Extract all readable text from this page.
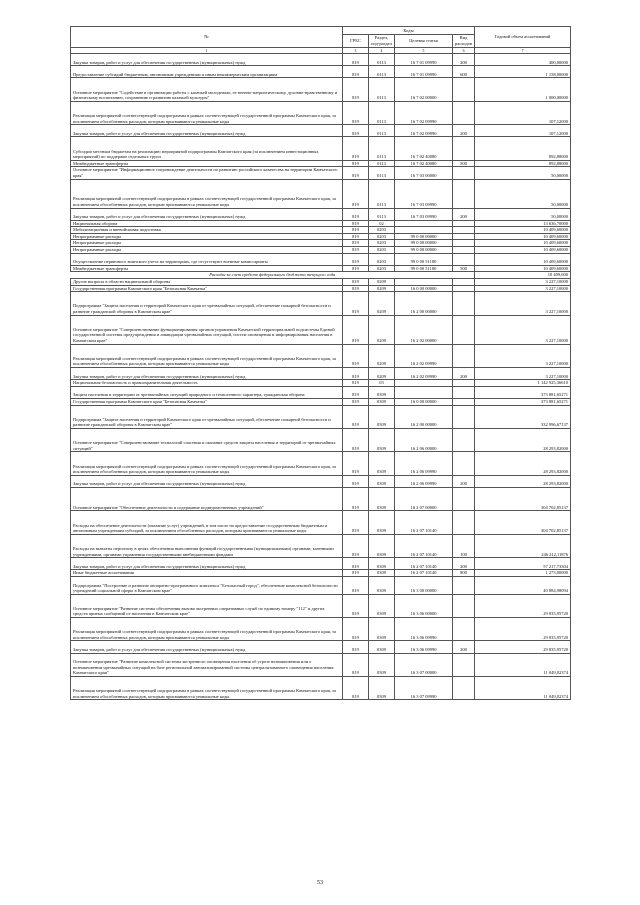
№	Коды				Годовой объем ассигнований
	ГРБС	Раздел, под-раздел	Целевая статья	Вид расходов	
1	3	4	5	6	7
Закупка товаров, работ и услуг для обеспечения государственных (муниципальных) нужд	819	0113	16 7 01 09990	200	400,00000
Предоставление субсидий бюджетным, автономным учреждениям и иным некоммерческим организациям	819	0113	16 7 01 09990	600	1 158,00000
Основное мероприятие "Содействие в организации работы с казачьей молодежью, ее военно-патриотическому, духовно-нравственному и физическому воспитанию, сохранению и развитию казачьей культуры"	819	0113	16 7 02 00000		1 000,00000
Реализация мероприятий соответствующей подпрограммы в рамках соответствующей государственной программы Камчатского края, за исключением обособленных расходов, которым присваиваются уникальные коды	819	0113	16 7 02 09990		107,12000
Закупка товаров, работ и услуг для обеспечения государственных (муниципальных) нужд	819	0113	16 7 02 09990	200	107,12000
Субсидии местным бюджетам на реализацию мероприятий подпрограммы Камчатского края (за исключением инвестиционных мероприятий) по поддержке отдельных групп	819	0113	16 7 02 40080		892,88000
Межбюджетные трансферты	819	0113	16 7 02 40080	500	892,88000
Основное мероприятие "Информационное сопровождение деятельности по развитию российского казачества на территории Камчатского края"	819	0113	16 7 03 00000		50,00000
Реализация мероприятий соответствующей подпрограммы в рамках соответствующей государственной программы Камчатского края, за исключением обособленных расходов, которым присваиваются уникальные коды	819	0113	16 7 03 09990		50,00000
Закупка товаров, работ и услуг для обеспечения государственных (муниципальных) нужд	819	0113	16 7 03 09990	200	50,00000
Национальная оборона	819	02			13 636,70000
Мобилизационная и вневойсковая подготовка	819	0203			10 409,60000
Непрограммные расходы	819	0203	99 0 00 00000		10 409,60000
Непрограммные расходы	819	0203	99 0 00 00000		10 409,60000
Непрограммные расходы	819	0203	99 0 00 00000		10 409,60000
Осуществление первичного воинского учета на территориях, где отсутствуют военные комиссариаты	819	0203	99 0 00 51180		10 409,60000
Межбюджетные трансферты	819	0203	99 0 00 51180	500	10 409,60000
Расходы за счет средств федерального бюджета текущего года					10 409,600
Другие вопросы в области национальной обороны	819	0209			3 227,10000
Государственная программа Камчатского края "Безопасная Камчатка"	819	0209	16 0 00 00000		3 227,10000
Подпрограмма "Защита населения и территорий Камчатского края от чрезвычайных ситуаций, обеспечение пожарной безопасности и развитие гражданской обороны в Камчатском крае"	819	0209	16 2 00 00000		3 227,10000
Основное мероприятие "Совершенствование функционирования органов управления Камчатской территориальной подсистемы Единой государственной системы предупреждения и ликвидации чрезвычайных ситуаций, систем оповещения и информирования населения в Камчатском крае"	819	0209	16 2 02 00000		3 227,10000
Реализация мероприятий соответствующей подпрограммы в рамках соответствующей государственной программы Камчатского края, за исключением обособленных расходов, которым присваиваются уникальные коды	819	0209	16 2 02 09990		3 227,10000
Закупка товаров, работ и услуг для обеспечения государственных (муниципальных) нужд	819	0209	16 2 02 09990	200	3 227,10000
Национальная безопасность и правоохранительная деятельность	819	03			1 142 925,36610
Защита населения и территории от чрезвычайных ситуаций природного и техногенного характера, гражданская оборона	819	0309			373 881,65271
Государственная программа Камчатского края "Безопасная Камчатка"	819	0309	16 0 00 00000		373 881,65271
Подпрограмма "Защита населения и территорий Камчатского края от чрезвычайных ситуаций, обеспечение пожарной безопасности и развитие гражданской обороны в Камчатском крае"	819	0309	16 2 00 00000		332 996,67137
Основное мероприятие "Совершенствование технологий спасения и оказание средств защиты населения и территорий от чрезвычайных ситуаций"	819	0309	16 2 06 00000		28 293,82000
Реализация мероприятий соответствующей подпрограммы в рамках соответствующей государственной программы Камчатского края, за исключением обособленных расходов, которым присваиваются уникальные коды	819	0309	16 2 06 09990		28 293,82000
Закупка товаров, работ и услуг для обеспечения государственных (муниципальных) нужд	819	0309	16 2 06 09990	200	28 293,82000
Основное мероприятие "Обеспечение деятельности и содержание подведомственных учреждений"	819	0309	16 2 07 00000		304 702,85137
Расходы на обеспечение деятельности (оказание услуг) учреждений, в том числе на предоставление государственным бюджетным и автономным учреждениям субсидий, за исключением обособленных расходов, которым присваиваются уникальные коды	819	0309	16 2 07 10140		304 702,85137
Расходы на выплаты персоналу в целях обеспечения выполнения функций государственными (муниципальными) органами, казенными учреждениями, органами управления государственными внебюджетными фондами	819	0309	16 2 07 10140	100	246 212,11876
Закупка товаров, работ и услуг для обеспечения государственных (муниципальных) нужд	819	0309	16 2 07 10140	200	57 217,73304
Иные бюджетные ассигнования	819	0309	16 2 07 10140	800	1 273,00000
Подпрограмма "Построение и развитие аппаратно-программного комплекса "Безопасный город", обеспечение комплексной безопасности учреждений социальной сферы в Камчатском крае"	819	0309	16 3 00 00000		40 884,98094
Основное мероприятие "Развитие системы обеспечения вызова экстренных оперативных служб по единому номеру "112" и других средств приема сообщений от населения в Камчатском крае"	819	0309	16 3 06 00000		29 835,95720
Реализация мероприятий соответствующей подпрограммы в рамках соответствующей государственной программы Камчатского края, за исключением обособленных расходов, которым присваиваются уникальные коды	819	0309	16 3 06 09990		29 835,95720
Закупка товаров, работ и услуг для обеспечения государственных (муниципальных) нужд	819	0309	16 3 06 09990	200	29 835,95720
Основное мероприятие "Развитие комплексной системы экстренного оповещения населения об угрозе возникновения или о возникновении чрезвычайных ситуаций на базе региональной автоматизированной системы централизованного оповещения населения Камчатского края"	819	0309	16 3 07 00000		11 049,02374
Реализация мероприятий соответствующей подпрограммы в рамках соответствующей государственной программы Камчатского края, за исключением обособленных расходов, которым присваиваются уникальные коды	819	0309	16 3 07 09990		11 049,02374
53
